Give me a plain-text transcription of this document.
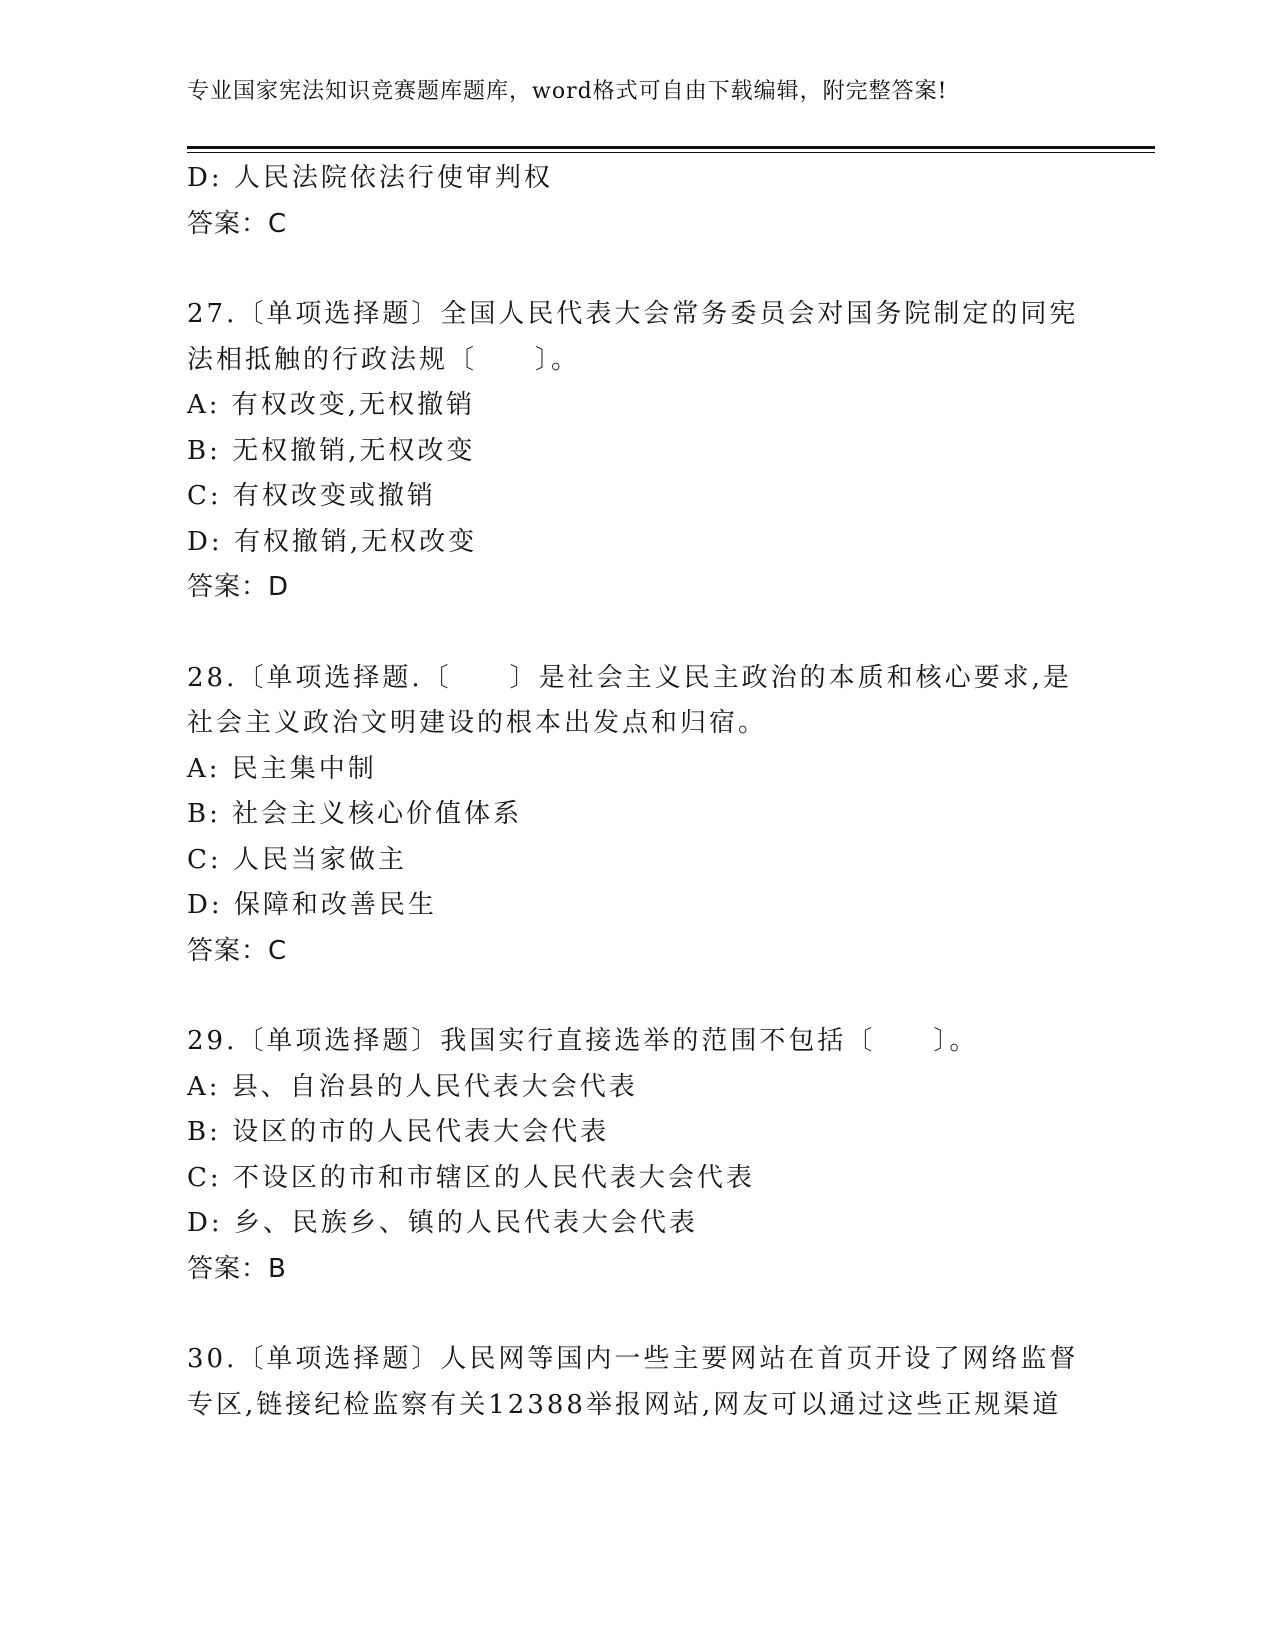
专业国家宪法知识竞赛题库题库，word格式可自由下载编辑，附完整答案!
D: 人民法院依法行使审判权
答案：C
27.〔单项选择题〕全国人民代表大会常务委员会对国务院制定的同宪
法相抵触的行政法规〔　　〕。
A: 有权改变,无权撤销
B: 无权撤销,无权改变
C: 有权改变或撤销
D: 有权撤销,无权改变
答案：D
28.〔单项选择题.〔　　〕是社会主义民主政治的本质和核心要求,是
社会主义政治文明建设的根本出发点和归宿。
A: 民主集中制
B: 社会主义核心价值体系
C: 人民当家做主
D: 保障和改善民生
答案：C
29.〔单项选择题〕我国实行直接选举的范围不包括〔　　〕。
A: 县、自治县的人民代表大会代表
B: 设区的市的人民代表大会代表
C: 不设区的市和市辖区的人民代表大会代表
D: 乡、民族乡、镇的人民代表大会代表
答案：B
30.〔单项选择题〕人民网等国内一些主要网站在首页开设了网络监督
专区,链接纪检监察有关12388举报网站,网友可以通过这些正规渠道
